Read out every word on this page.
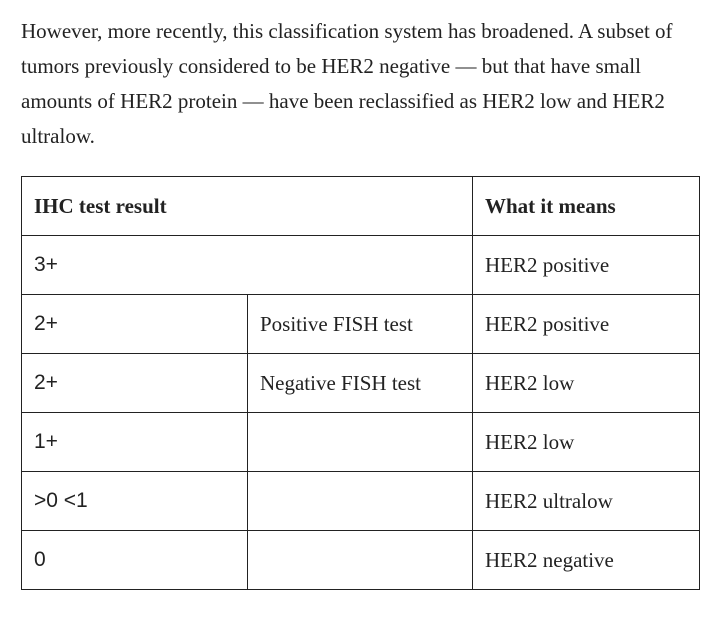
However, more recently, this classification system has broadened. A subset of tumors previously considered to be HER2 negative — but that have small amounts of HER2 protein — have been reclassified as HER2 low and HER2 ultralow.

IHC test result		What it means
3+		HER2 positive
2+	Positive FISH test	HER2 positive
2+	Negative FISH test	HER2 low
1+		HER2 low
>0 <1		HER2 ultralow
0		HER2 negative
